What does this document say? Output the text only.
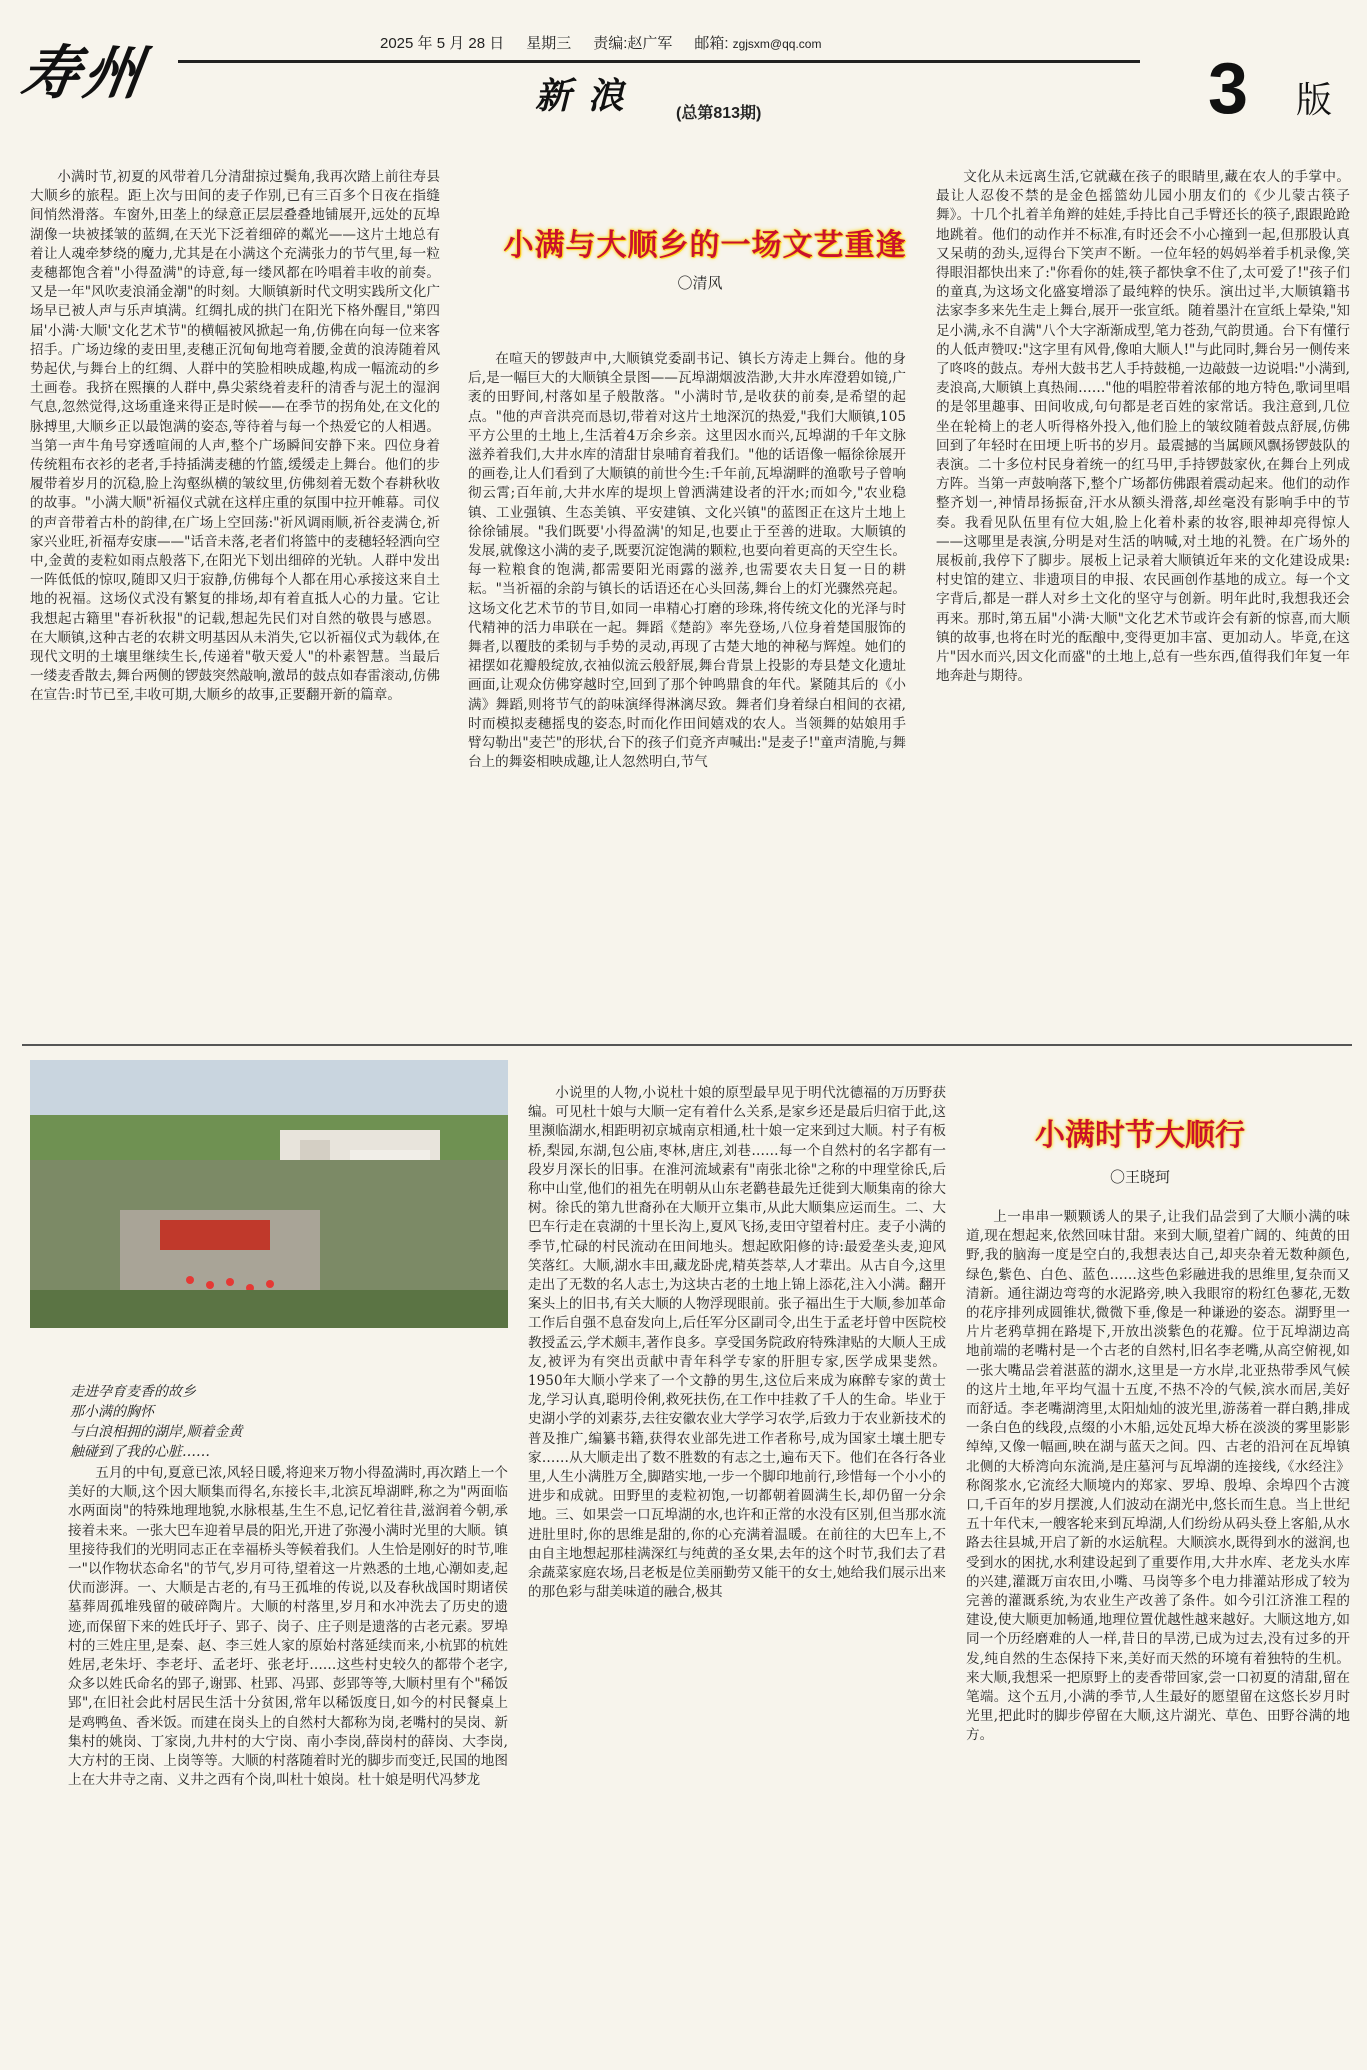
寿州	2025 年 5 月 28 日 星期三 责编:赵广军 邮箱: zgjsxm@qq.com
新 浪	(总第813期)	3 版
小满与大顺乡的一场文艺重逢
〇清风
小满时节,初夏的风带着几分清甜掠过鬓角,我再次踏上前往寿县大顺乡的旅程。距上次与田间的麦子作别,已有三百多个日夜在指缝间悄然滑落。车窗外,田垄上的绿意正层层叠叠地铺展开,远处的瓦埠湖像一块被揉皱的蓝绸,在天光下泛着细碎的粼光——这片土地总有着让人魂牵梦绕的魔力,尤其是在小满这个充满张力的节气里,每一粒麦穗都饱含着"小得盈满"的诗意,每一缕风都在吟唱着丰收的前奏。又是一年"风吹麦浪涌金潮"的时刻。大顺镇新时代文明实践所文化广场早已被人声与乐声填满。红绸扎成的拱门在阳光下格外醒目,"第四届'小满·大顺'文化艺术节"的横幅被风掀起一角,仿佛在向每一位来客招手。广场边缘的麦田里,麦穗正沉甸甸地弯着腰,金黄的浪涛随着风势起伏,与舞台上的红绸、人群中的笑脸相映成趣,构成一幅流动的乡土画卷。我挤在熙攘的人群中,鼻尖萦绕着麦秆的清香与泥土的湿润气息,忽然觉得,这场重逢来得正是时候——在季节的拐角处,在文化的脉搏里,大顺乡正以最饱满的姿态,等待着与每一个热爱它的人相遇。当第一声牛角号穿透喧闹的人声,整个广场瞬间安静下来。四位身着传统粗布衣衫的老者,手持插满麦穗的竹篮,缓缓走上舞台。他们的步履带着岁月的沉稳,脸上沟壑纵横的皱纹里,仿佛刻着无数个春耕秋收的故事。"小满大顺"祈福仪式就在这样庄重的氛围中拉开帷幕。司仪的声音带着古朴的韵律,在广场上空回荡:"祈风调雨顺,祈谷麦满仓,祈家兴业旺,祈福寿安康——"话音未落,老者们将篮中的麦穗轻轻洒向空中,金黄的麦粒如雨点般落下,在阳光下划出细碎的光轨。人群中发出一阵低低的惊叹,随即又归于寂静,仿佛每个人都在用心承接这来自土地的祝福。这场仪式没有繁复的排场,却有着直抵人心的力量。它让我想起古籍里"春祈秋报"的记载,想起先民们对自然的敬畏与感恩。在大顺镇,这种古老的农耕文明基因从未消失,它以祈福仪式为载体,在现代文明的土壤里继续生长,传递着"敬天爱人"的朴素智慧。当最后一缕麦香散去,舞台两侧的锣鼓突然敲响,激昂的鼓点如春雷滚动,仿佛在宣告:时节已至,丰收可期,大顺乡的故事,正要翻开新的篇章。
在喧天的锣鼓声中,大顺镇党委副书记、镇长方涛走上舞台。他的身后,是一幅巨大的大顺镇全景图——瓦埠湖烟波浩渺,大井水库澄碧如镜,广袤的田野间,村落如星子般散落。"小满时节,是收获的前奏,是希望的起点。"他的声音洪亮而恳切,带着对这片土地深沉的热爱,"我们大顺镇,105平方公里的土地上,生活着4万余乡亲。这里因水而兴,瓦埠湖的千年文脉滋养着我们,大井水库的清甜甘泉哺育着我们。"他的话语像一幅徐徐展开的画卷,让人们看到了大顺镇的前世今生:千年前,瓦埠湖畔的渔歌号子曾响彻云霄;百年前,大井水库的堤坝上曾洒满建设者的汗水;而如今,"农业稳镇、工业强镇、生态美镇、平安建镇、文化兴镇"的蓝图正在这片土地上徐徐铺展。"我们既要'小得盈满'的知足,也要止于至善的进取。大顺镇的发展,就像这小满的麦子,既要沉淀饱满的颗粒,也要向着更高的天空生长。每一粒粮食的饱满,都需要阳光雨露的滋养,也需要农夫日复一日的耕耘。"当祈福的余韵与镇长的话语还在心头回荡,舞台上的灯光骤然亮起。这场文化艺术节的节目,如同一串精心打磨的珍珠,将传统文化的光泽与时代精神的活力串联在一起。舞蹈《楚韵》率先登场,八位身着楚国服饰的舞者,以覆肢的柔韧与手势的灵动,再现了古楚大地的神秘与辉煌。她们的裙摆如花瓣般绽放,衣袖似流云般舒展,舞台背景上投影的寿县楚文化遗址画面,让观众仿佛穿越时空,回到了那个钟鸣鼎食的年代。紧随其后的《小满》舞蹈,则将节气的韵味演绎得淋漓尽致。舞者们身着绿白相间的衣裙,时而模拟麦穗摇曳的姿态,时而化作田间嬉戏的农人。当领舞的姑娘用手臂勾勒出"麦芒"的形状,台下的孩子们竟齐声喊出:"是麦子!"童声清脆,与舞台上的舞姿相映成趣,让人忽然明白,节气
文化从未远离生活,它就藏在孩子的眼睛里,藏在农人的手掌中。最让人忍俊不禁的是金色摇篮幼儿园小朋友们的《少儿蒙古筷子舞》。十几个扎着羊角辫的娃娃,手持比自己手臂还长的筷子,跟跟跄跄地跳着。他们的动作并不标准,有时还会不小心撞到一起,但那股认真又呆萌的劲头,逗得台下笑声不断。一位年轻的妈妈举着手机录像,笑得眼泪都快出来了:"你看你的娃,筷子都快拿不住了,太可爱了!"孩子们的童真,为这场文化盛宴增添了最纯粹的快乐。演出过半,大顺镇籍书法家李多来先生走上舞台,展开一张宣纸。随着墨汁在宣纸上晕染,"知足小满,永不自满"八个大字渐渐成型,笔力苍劲,气韵贯通。台下有懂行的人低声赞叹:"这字里有风骨,像咱大顺人!"与此同时,舞台另一侧传来了咚咚的鼓点。寿州大鼓书艺人手持鼓槌,一边敲鼓一边说唱:"小满到,麦浪高,大顺镇上真热闹……"他的唱腔带着浓郁的地方特色,歌词里唱的是邻里趣事、田间收成,句句都是老百姓的家常话。我注意到,几位坐在轮椅上的老人听得格外投入,他们脸上的皱纹随着鼓点舒展,仿佛回到了年轻时在田埂上听书的岁月。最震撼的当属顾风飘扬锣鼓队的表演。二十多位村民身着统一的红马甲,手持锣鼓家伙,在舞台上列成方阵。当第一声鼓响落下,整个广场都仿佛跟着震动起来。他们的动作整齐划一,神情昂扬振奋,汗水从额头滑落,却丝毫没有影响手中的节奏。我看见队伍里有位大姐,脸上化着朴素的妆容,眼神却亮得惊人——这哪里是表演,分明是对生活的呐喊,对土地的礼赞。在广场外的展板前,我停下了脚步。展板上记录着大顺镇近年来的文化建设成果:村史馆的建立、非遗项目的申报、农民画创作基地的成立。每一个文字背后,都是一群人对乡土文化的坚守与创新。明年此时,我想我还会再来。那时,第五届"小满·大顺"文化艺术节或许会有新的惊喜,而大顺镇的故事,也将在时光的酝酿中,变得更加丰富、更加动人。毕竟,在这片"因水而兴,因文化而盛"的土地上,总有一些东西,值得我们年复一年地奔赴与期待。
走进孕育麦香的故乡
那小满的胸怀
与白浪相拥的湖岸,顺着金黄
触碰到了我的心脏……
五月的中旬,夏意已浓,风轻日暖,将迎来万物小得盈满时,再次踏上一个美好的大顺,这个因大顺集而得名,东接长丰,北滨瓦埠湖畔,称之为"两面临水两面岗"的特殊地理地貌,水脉根基,生生不息,记忆着往昔,滋润着今朝,承接着未来。一张大巴车迎着早晨的阳光,开进了弥漫小满时光里的大顺。镇里接待我们的光明同志正在幸福桥头等候着我们。人生恰是刚好的时节,唯一"以作物状态命名"的节气,岁月可待,望着这一片熟悉的土地,心潮如麦,起伏而澎湃。一、大顺是古老的,有马王孤堆的传说,以及春秋战国时期诸侯墓葬周孤堆残留的破碎陶片。大顺的村落里,岁月和水冲洗去了历史的遗迹,而保留下来的姓氏圩子、郢子、岗子、庄子则是遗落的古老元素。罗埠村的三姓庄里,是秦、赵、李三姓人家的原始村落延续而来,小杭郢的杭姓姓居,老朱圩、李老圩、孟老圩、张老圩……这些村史较久的都带个老字,众多以姓氏命名的郢子,谢郢、杜郢、冯郢、彭郢等等,大顺村里有个"稀饭郢",在旧社会此村居民生活十分贫困,常年以稀饭度日,如今的村民餐桌上是鸡鸭鱼、香米饭。而建在岗头上的自然村大都称为岗,老嘴村的吴岗、新集村的姚岗、丁家岗,九井村的大宁岗、南小李岗,薛岗村的薛岗、大李岗,大方村的王岗、上岗等等。大顺的村落随着时光的脚步而变迁,民国的地图上在大井寺之南、义井之西有个岗,叫杜十娘岗。杜十娘是明代冯梦龙
小说里的人物,小说杜十娘的原型最早见于明代沈德福的万历野获编。可见杜十娘与大顺一定有着什么关系,是家乡还是最后归宿于此,这里濒临湖水,相距明初京城南京相通,杜十娘一定来到过大顺。村子有板桥,梨园,东湖,包公庙,枣林,唐庄,刘巷……每一个自然村的名字都有一段岁月深长的旧事。在淮河流域素有"南张北徐"之称的中理堂徐氏,后称中山堂,他们的祖先在明朝从山东老鹳巷最先迁徙到大顺集南的徐大树。徐氏的第九世裔孙在大顺开立集市,从此大顺集应运而生。二、大巴车行走在袁湖的十里长沟上,夏风飞扬,麦田守望着村庄。麦子小满的季节,忙碌的村民流动在田间地头。想起欧阳修的诗:最爱垄头麦,迎风笑落红。大顺,湖水丰田,藏龙卧虎,精英荟萃,人才辈出。从古自今,这里走出了无数的名人志士,为这块古老的土地上锦上添花,注入小满。翻开案头上的旧书,有关大顺的人物浮现眼前。张子福出生于大顺,参加革命工作后自强不息奋发向上,后任军分区副司令,出生于孟老圩曾中医院校教授孟云,学术颇丰,著作良多。享受国务院政府特殊津贴的大顺人王成友,被评为有突出贡献中青年科学专家的肝胆专家,医学成果斐然。1950年大顺小学来了一个文静的男生,这位后来成为麻醉专家的黄士龙,学习认真,聪明伶俐,救死扶伤,在工作中挂救了千人的生命。毕业于史湖小学的刘素芬,去往安徽农业大学学习农学,后致力于农业新技术的普及推广,编纂书籍,获得农业部先进工作者称号,成为国家土壤土肥专家……从大顺走出了数不胜数的有志之士,遍布天下。他们在各行各业里,人生小满胜万全,脚踏实地,一步一个脚印地前行,珍惜每一个小小的进步和成就。田野里的麦粒初饱,一切都朝着圆满生长,却仍留一分余地。三、如果尝一口瓦埠湖的水,也许和正常的水没有区别,但当那水流进肚里时,你的思维是甜的,你的心充满着温暖。在前往的大巴车上,不由自主地想起那桂满深红与纯黄的圣女果,去年的这个时节,我们去了君余蔬菜家庭农场,吕老板是位美丽勤劳又能干的女士,她给我们展示出来的那色彩与甜美味道的融合,极其
小满时节大顺行
〇王晓珂
上一串串一颗颗诱人的果子,让我们品尝到了大顺小满的味道,现在想起来,依然回味甘甜。来到大顺,望着广阔的、纯黄的田野,我的脑海一度是空白的,我想表达自己,却夹杂着无数种颜色,绿色,紫色、白色、蓝色……这些色彩融进我的思维里,复杂而又清新。通往湖边弯弯的水泥路旁,映入我眼帘的粉红色蓼花,无数的花序排列成圆锥状,微微下垂,像是一种谦逊的姿态。湖野里一片片老鸦草拥在路堤下,开放出淡紫色的花瓣。位于瓦埠湖边高地前端的老嘴村是一个古老的自然村,旧名李老嘴,从高空俯视,如一张大嘴品尝着湛蓝的湖水,这里是一方水岸,北亚热带季风气候的这片土地,年平均气温十五度,不热不冷的气候,滨水而居,美好而舒适。李老嘴湖湾里,太阳灿灿的波光里,游荡着一群白鹅,排成一条白色的线段,点缀的小木船,远处瓦埠大桥在淡淡的雾里影影绰绰,又像一幅画,映在湖与蓝天之间。四、古老的沿河在瓦埠镇北侧的大桥湾向东流淌,是庄墓河与瓦埠湖的连接线,《水经注》称阁浆水,它流经大顺境内的郑家、罗埠、殷埠、余埠四个古渡口,千百年的岁月摆渡,人们波动在湖光中,悠长而生息。当上世纪五十年代末,一艘客轮来到瓦埠湖,人们纷纷从码头登上客船,从水路去往县城,开启了新的水运航程。大顺滨水,既得到水的滋润,也受到水的困扰,水利建设起到了重要作用,大井水库、老龙头水库的兴建,灌溉万亩农田,小嘴、马岗等多个电力排灌站形成了较为完善的灌溉系统,为农业生产改善了条件。如今引江济淮工程的建设,使大顺更加畅通,地理位置优越性越来越好。大顺这地方,如同一个历经磨难的人一样,昔日的旱涝,已成为过去,没有过多的开发,纯自然的生态保持下来,美好而天然的环境有着独特的生机。来大顺,我想采一把原野上的麦香带回家,尝一口初夏的清甜,留在笔端。这个五月,小满的季节,人生最好的愿望留在这悠长岁月时光里,把此时的脚步停留在大顺,这片湖光、草色、田野谷满的地方。
